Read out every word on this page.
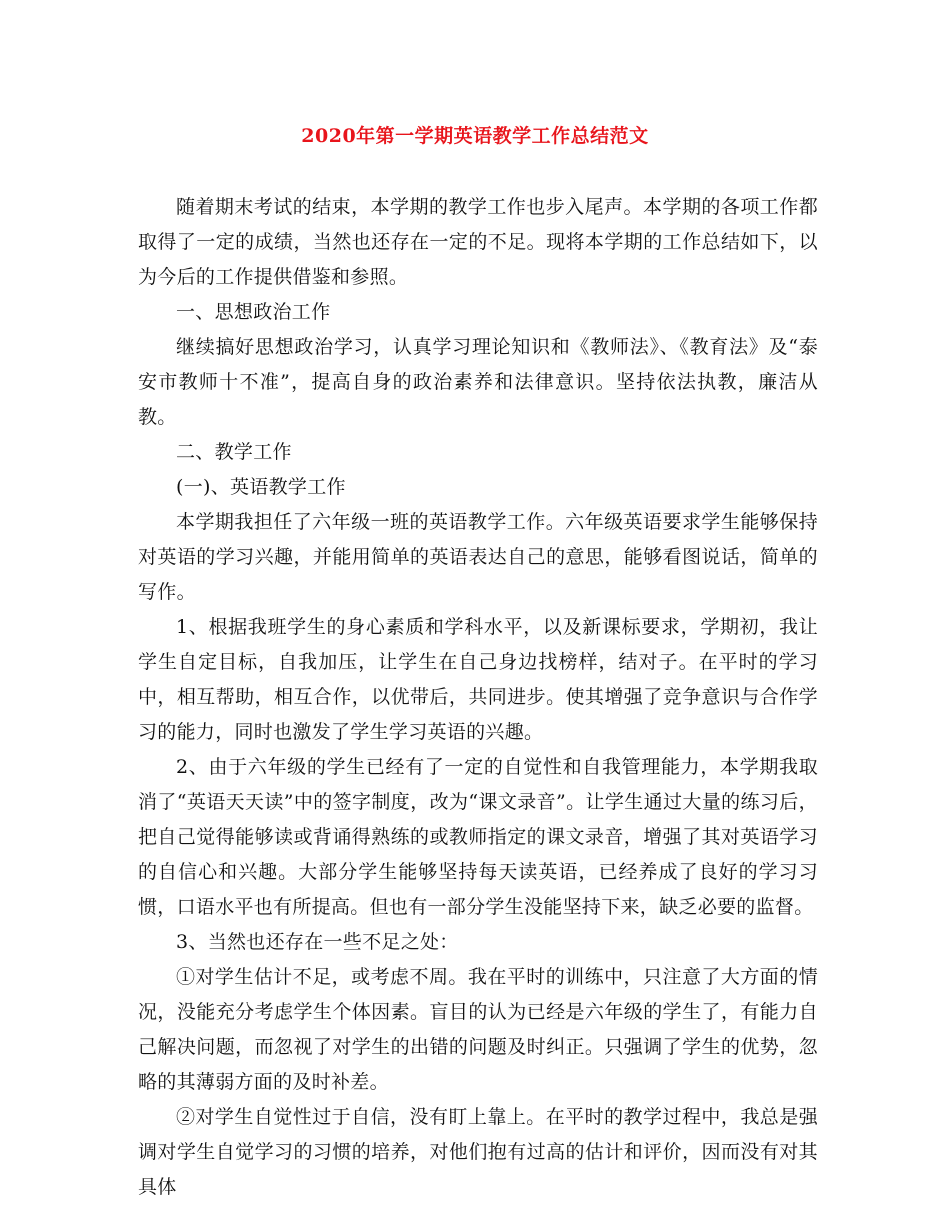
2020年第一学期英语教学工作总结范文

随着期末考试的结束，本学期的教学工作也步入尾声。本学期的各项工作都取得了一定的成绩，当然也还存在一定的不足。现将本学期的工作总结如下，以为今后的工作提供借鉴和参照。

一、思想政治工作

继续搞好思想政治学习，认真学习理论知识和《教师法》、《教育法》及“泰安市教师十不准”，提高自身的政治素养和法律意识。坚持依法执教，廉洁从教。

二、教学工作

(一)、英语教学工作

本学期我担任了六年级一班的英语教学工作。六年级英语要求学生能够保持对英语的学习兴趣，并能用简单的英语表达自己的意思，能够看图说话，简单的写作。

1、根据我班学生的身心素质和学科水平，以及新课标要求，学期初，我让学生自定目标，自我加压，让学生在自己身边找榜样，结对子。在平时的学习中，相互帮助，相互合作，以优带后，共同进步。使其增强了竞争意识与合作学习的能力，同时也激发了学生学习英语的兴趣。

2、由于六年级的学生已经有了一定的自觉性和自我管理能力，本学期我取消了“英语天天读”中的签字制度，改为“课文录音”。让学生通过大量的练习后，把自己觉得能够读或背诵得熟练的或教师指定的课文录音，增强了其对英语学习的自信心和兴趣。大部分学生能够坚持每天读英语，已经养成了良好的学习习惯，口语水平也有所提高。但也有一部分学生没能坚持下来，缺乏必要的监督。

3、当然也还存在一些不足之处：

①对学生估计不足，或考虑不周。我在平时的训练中，只注意了大方面的情况，没能充分考虑学生个体因素。盲目的认为已经是六年级的学生了，有能力自己解决问题，而忽视了对学生的出错的问题及时纠正。只强调了学生的优势，忽略的其薄弱方面的及时补差。

②对学生自觉性过于自信，没有盯上靠上。在平时的教学过程中，我总是强调对学生自觉学习的习惯的培养，对他们抱有过高的估计和评价，因而没有对其具体
